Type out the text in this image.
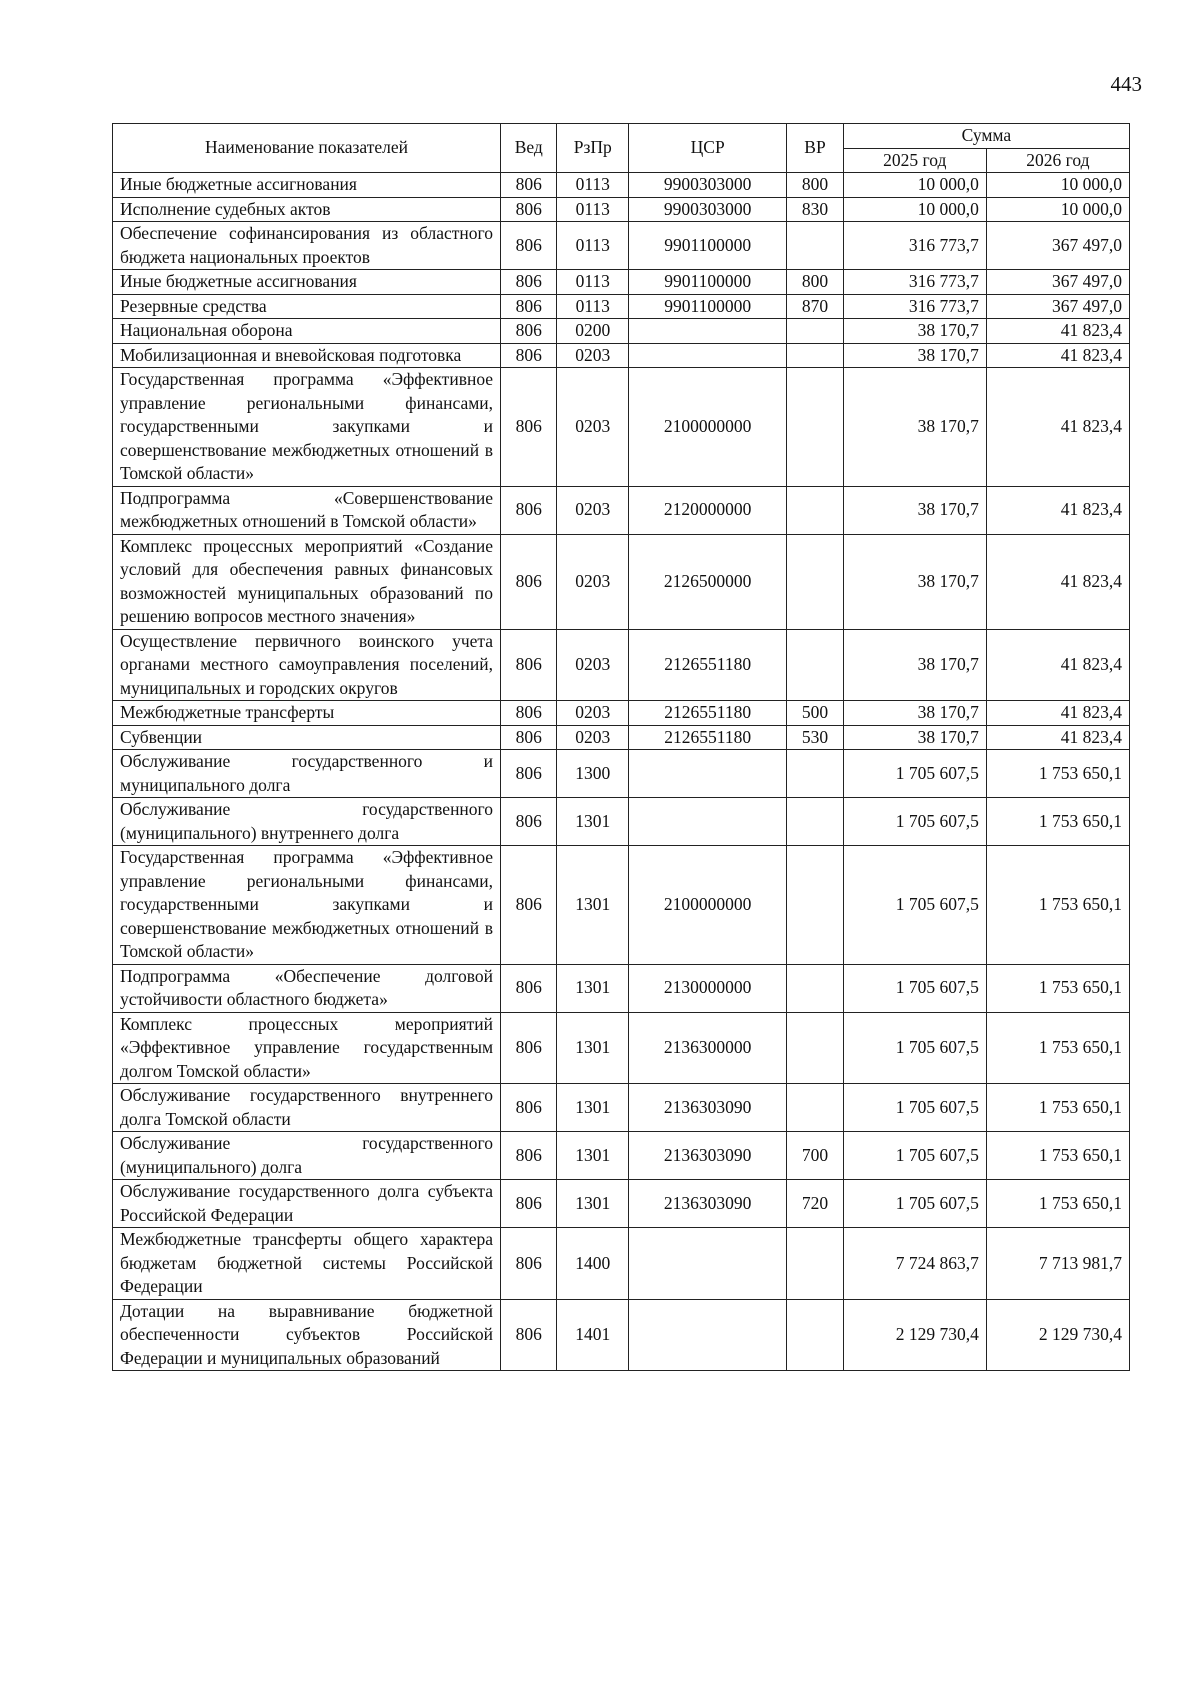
443
Наименование показателей	Вед	РзПр	ЦСР	ВР	Сумма	
					2025 год	2026 год
Иные бюджетные ассигнования	806	0113	9900303000	800	10 000,0	10 000,0
Исполнение судебных актов	806	0113	9900303000	830	10 000,0	10 000,0
Обеспечение софинансирования из областного бюджета национальных проектов	806	0113	9901100000		316 773,7	367 497,0
Иные бюджетные ассигнования	806	0113	9901100000	800	316 773,7	367 497,0
Резервные средства	806	0113	9901100000	870	316 773,7	367 497,0
Национальная оборона	806	0200			38 170,7	41 823,4
Мобилизационная и вневойсковая подготовка	806	0203			38 170,7	41 823,4
Государственная программа «Эффективное управление региональными финансами, государственными закупками и совершенствование межбюджетных отношений в Томской области»	806	0203	2100000000		38 170,7	41 823,4
Подпрограмма «Совершенствование межбюджетных отношений в Томской области»	806	0203	2120000000		38 170,7	41 823,4
Комплекс процессных мероприятий «Создание условий для обеспечения равных финансовых возможностей муниципальных образований по решению вопросов местного значения»	806	0203	2126500000		38 170,7	41 823,4
Осуществление первичного воинского учета органами местного самоуправления поселений, муниципальных и городских округов	806	0203	2126551180		38 170,7	41 823,4
Межбюджетные трансферты	806	0203	2126551180	500	38 170,7	41 823,4
Субвенции	806	0203	2126551180	530	38 170,7	41 823,4
Обслуживание государственного и муниципального долга	806	1300			1 705 607,5	1 753 650,1
Обслуживание государственного (муниципального) внутреннего долга	806	1301			1 705 607,5	1 753 650,1
Государственная программа «Эффективное управление региональными финансами, государственными закупками и совершенствование межбюджетных отношений в Томской области»	806	1301	2100000000		1 705 607,5	1 753 650,1
Подпрограмма «Обеспечение долговой устойчивости областного бюджета»	806	1301	2130000000		1 705 607,5	1 753 650,1
Комплекс процессных мероприятий «Эффективное управление государственным долгом Томской области»	806	1301	2136300000		1 705 607,5	1 753 650,1
Обслуживание государственного внутреннего долга Томской области	806	1301	2136303090		1 705 607,5	1 753 650,1
Обслуживание государственного (муниципального) долга	806	1301	2136303090	700	1 705 607,5	1 753 650,1
Обслуживание государственного долга субъекта Российской Федерации	806	1301	2136303090	720	1 705 607,5	1 753 650,1
Межбюджетные трансферты общего характера бюджетам бюджетной системы Российской Федерации	806	1400			7 724 863,7	7 713 981,7
Дотации на выравнивание бюджетной обеспеченности субъектов Российской Федерации и муниципальных образований	806	1401			2 129 730,4	2 129 730,4
